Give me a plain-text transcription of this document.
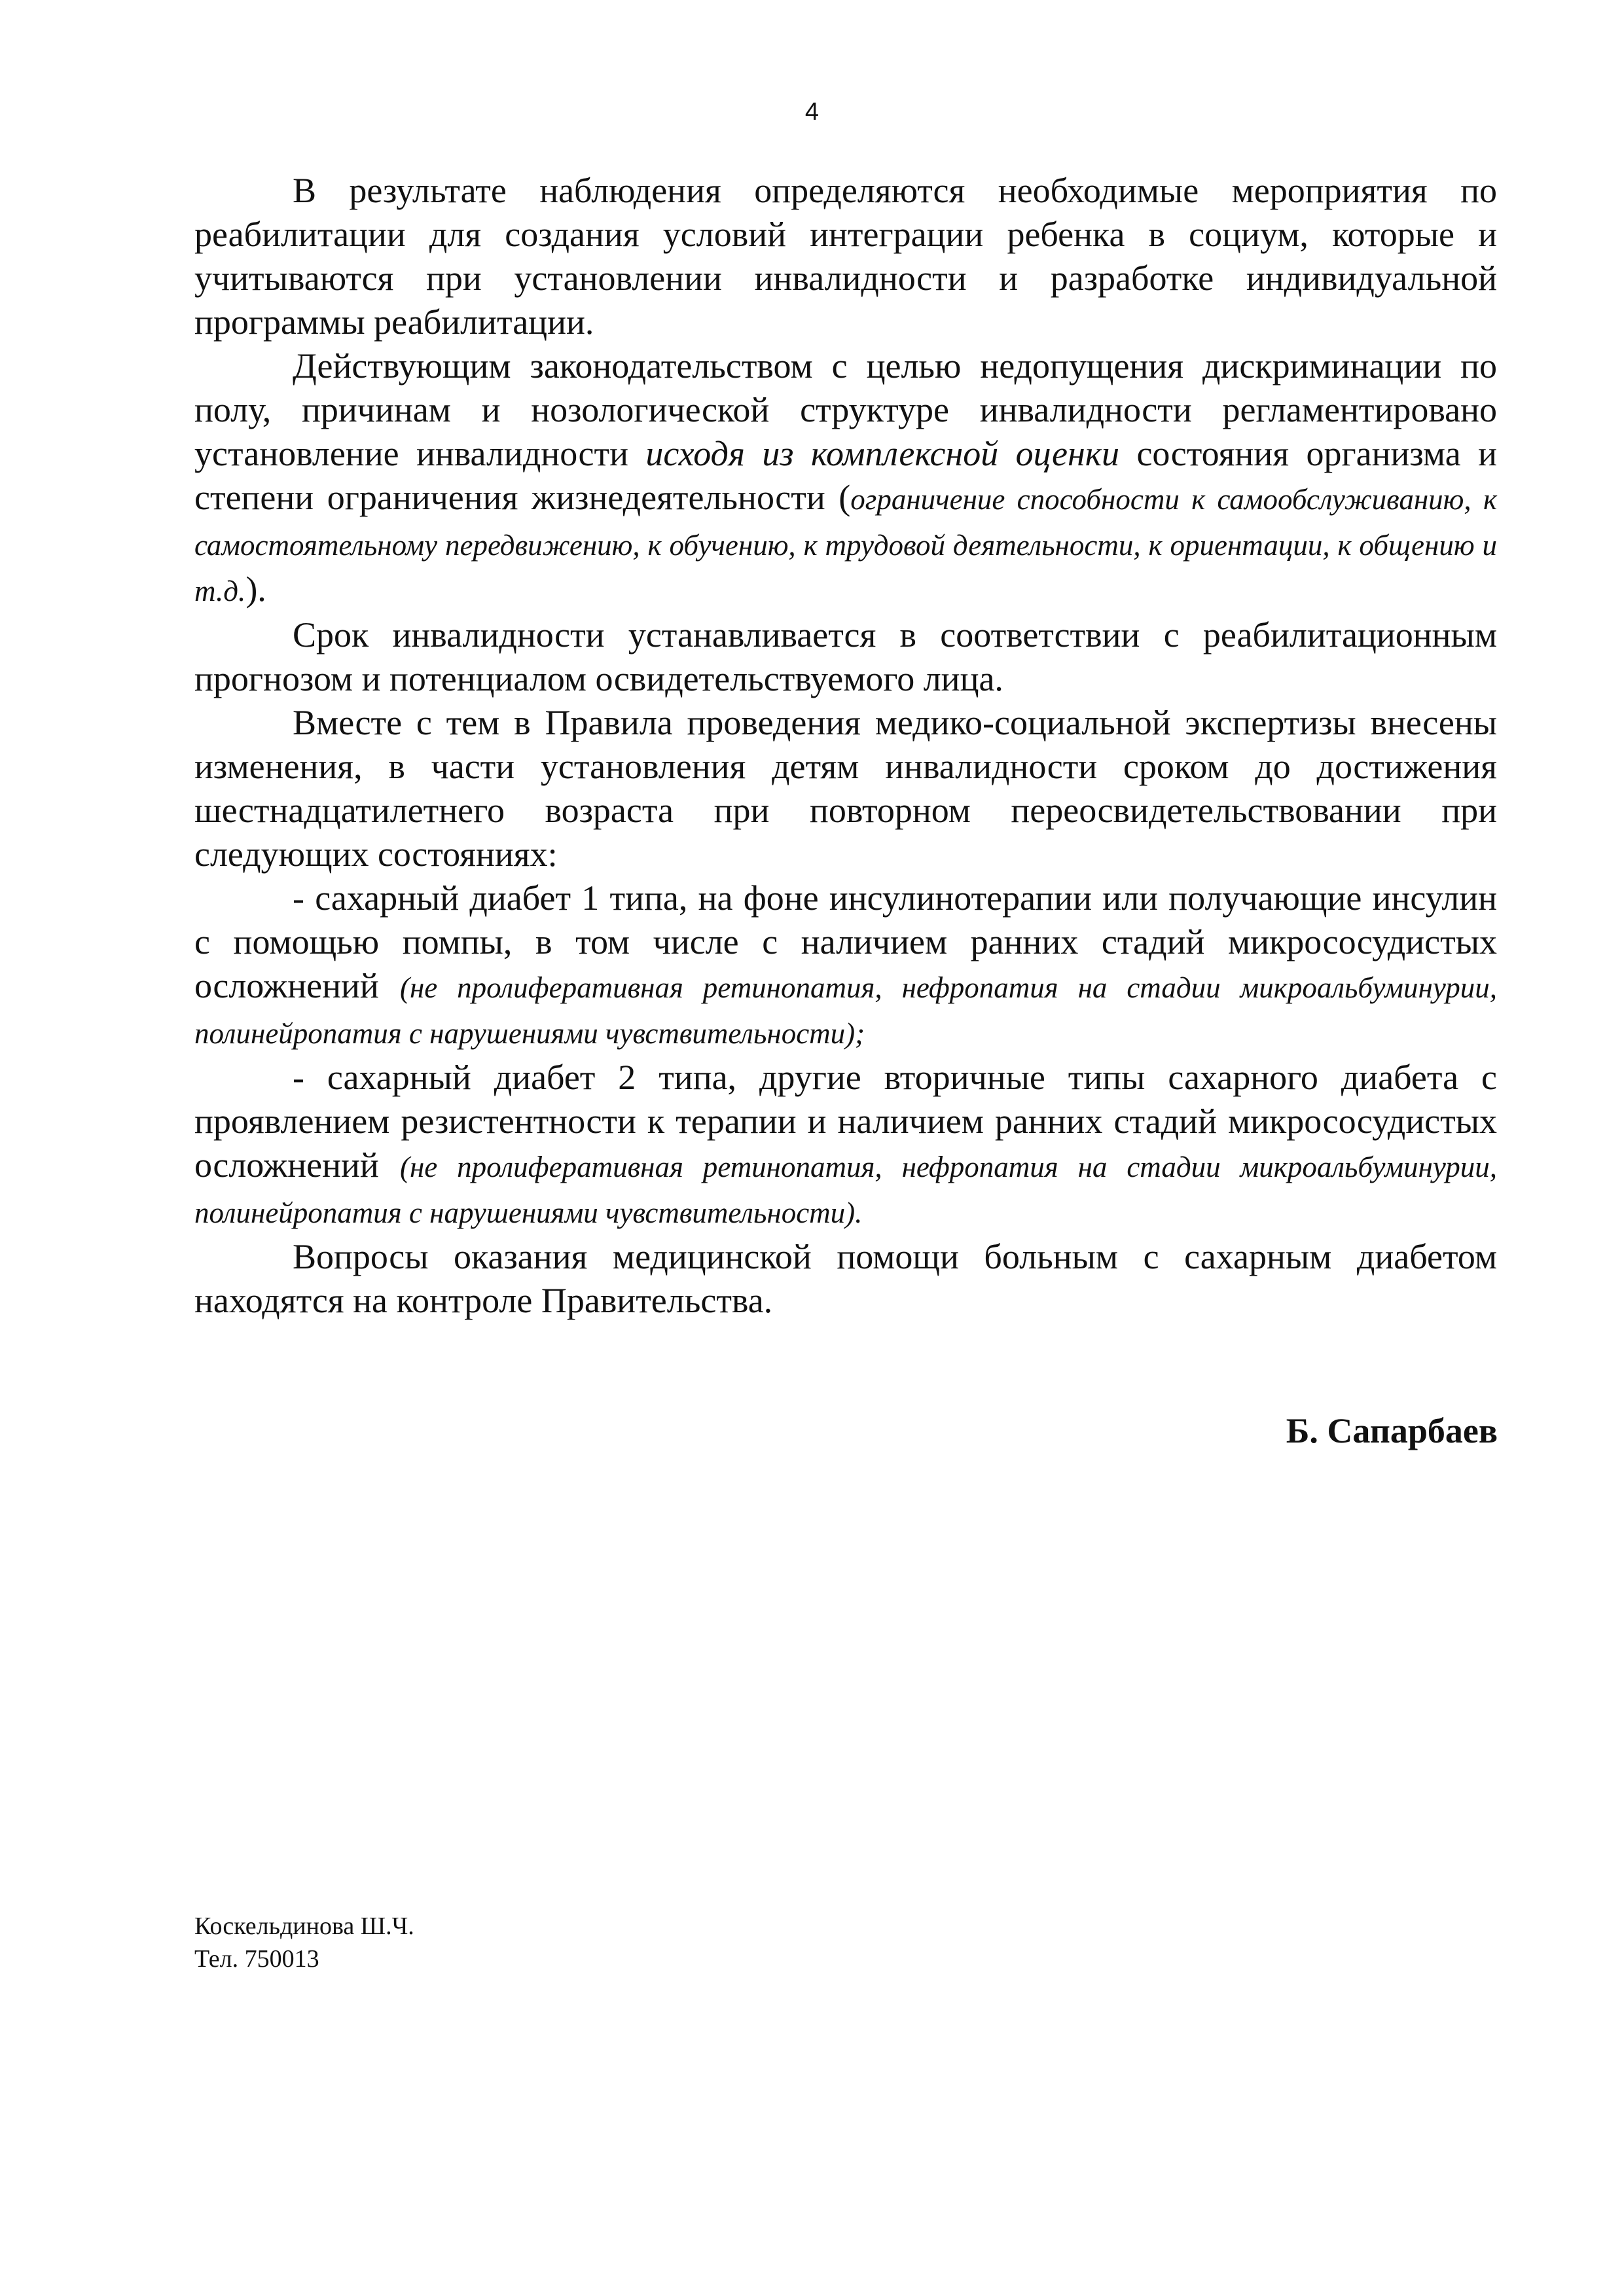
4

В результате наблюдения определяются необходимые мероприятия по реабилитации для создания условий интеграции ребенка в социум, которые и учитываются при установлении инвалидности и разработке индивидуальной программы реабилитации.

Действующим законодательством с целью недопущения дискриминации по полу, причинам и нозологической структуре инвалидности регламентировано установление инвалидности исходя из комплексной оценки состояния организма и степени ограничения жизнедеятельности (ограничение способности к самообслуживанию, к самостоятельному передвижению, к обучению, к трудовой деятельности, к ориентации, к общению и т.д.).

Срок инвалидности устанавливается в соответствии с реабилитационным прогнозом и потенциалом освидетельствуемого лица.

Вместе с тем в Правила проведения медико-социальной экспертизы внесены изменения, в части установления детям инвалидности сроком до достижения шестнадцатилетнего возраста при повторном переосвидетельствовании при следующих состояниях:

- сахарный диабет 1 типа, на фоне инсулинотерапии или получающие инсулин с помощью помпы, в том числе с наличием ранних стадий микрососудистых осложнений (не пролиферативная ретинопатия, нефропатия на стадии микроальбуминурии, полинейропатия с нарушениями чувствительности);

- сахарный диабет 2 типа, другие вторичные типы сахарного диабета с проявлением резистентности к терапии и наличием ранних стадий микрососудистых осложнений (не пролиферативная ретинопатия, нефропатия на стадии микроальбуминурии, полинейропатия с нарушениями чувствительности).

Вопросы оказания медицинской помощи больным с сахарным диабетом находятся на контроле Правительства.

Б. Сапарбаев
Коскельдинова Ш.Ч.
Тел. 750013
